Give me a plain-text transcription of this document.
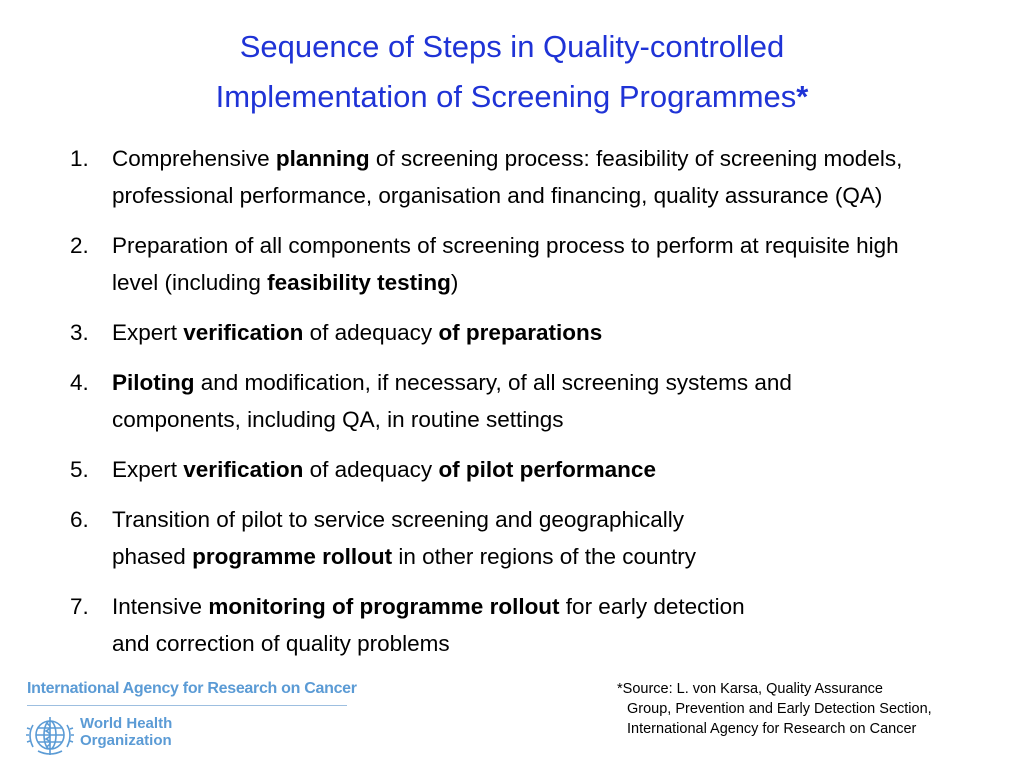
Sequence of Steps in Quality-controlled
Implementation of Screening Programmes*
1. Comprehensive planning of screening process: feasibility of screening models,
professional performance, organisation and financing, quality assurance (QA)
2. Preparation of all components of screening process to perform at requisite high
level (including feasibility testing)
3. Expert verification of adequacy of preparations
4. Piloting and modification, if necessary, of all screening systems and
components, including QA, in routine settings
5. Expert verification of adequacy of pilot performance
6. Transition of pilot to service screening and geographically
phased programme rollout in other regions of the country
7. Intensive monitoring of programme rollout for early detection
and correction of quality problems
*Source: L. von Karsa, Quality Assurance
Group, Prevention and Early Detection Section,
International Agency for Research on Cancer
International Agency for Research on Cancer
World Health
Organization
